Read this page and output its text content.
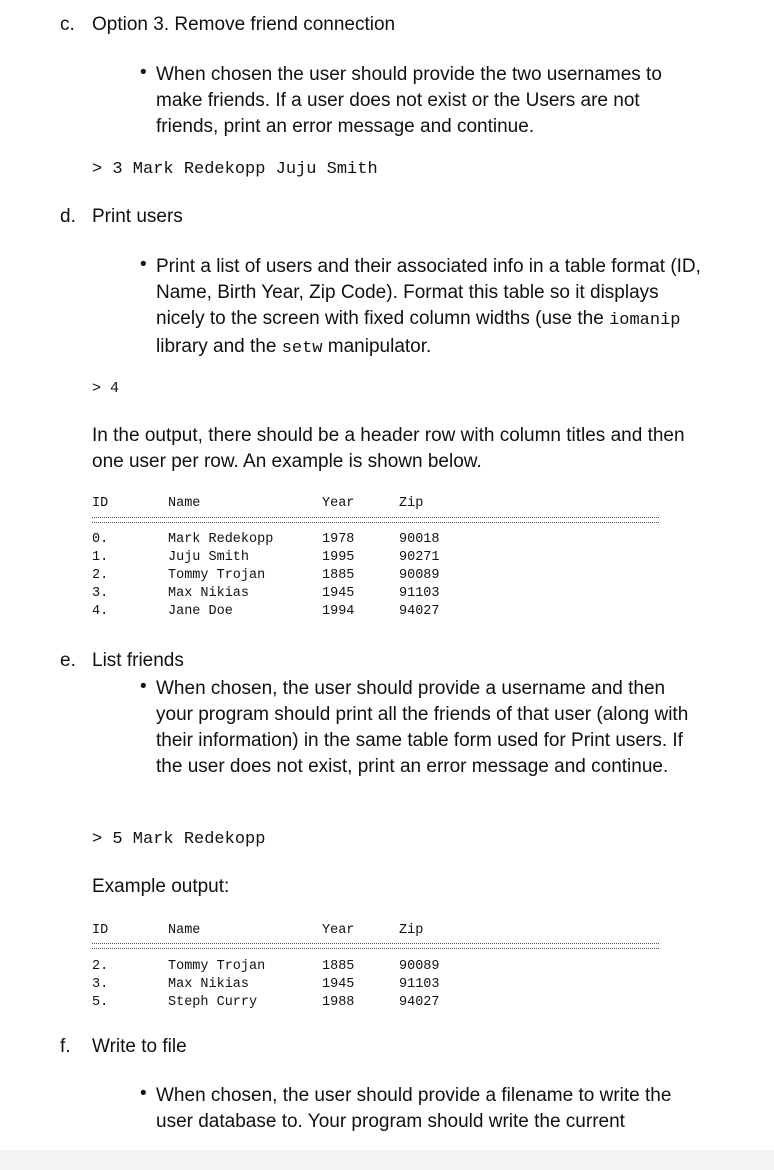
c. Option 3. Remove friend connection
• When chosen the user should provide the two usernames to make friends. If a user does not exist or the Users are not friends, print an error message and continue.
> 3 Mark Redekopp Juju Smith
d. Print users
• Print a list of users and their associated info in a table format (ID, Name, Birth Year, Zip Code). Format this table so it displays nicely to the screen with fixed column widths (use the iomanip library and the setw manipulator.
> 4
In the output, there should be a header row with column titles and then one user per row. An example is shown below.
ID	Name	Year	Zip
0.	Mark Redekopp	1978	90018
1.	Juju Smith	1995	90271
2.	Tommy Trojan	1885	90089
3.	Max Nikias	1945	91103
4.	Jane Doe	1994	94027
e. List friends
• When chosen, the user should provide a username and then your program should print all the friends of that user (along with their information) in the same table form used for Print users. If the user does not exist, print an error message and continue.
> 5 Mark Redekopp
Example output:
ID	Name	Year	Zip
2.	Tommy Trojan	1885	90089
3.	Max Nikias	1945	91103
5.	Steph Curry	1988	94027
f. Write to file
• When chosen, the user should provide a filename to write the user database to. Your program should write the current
